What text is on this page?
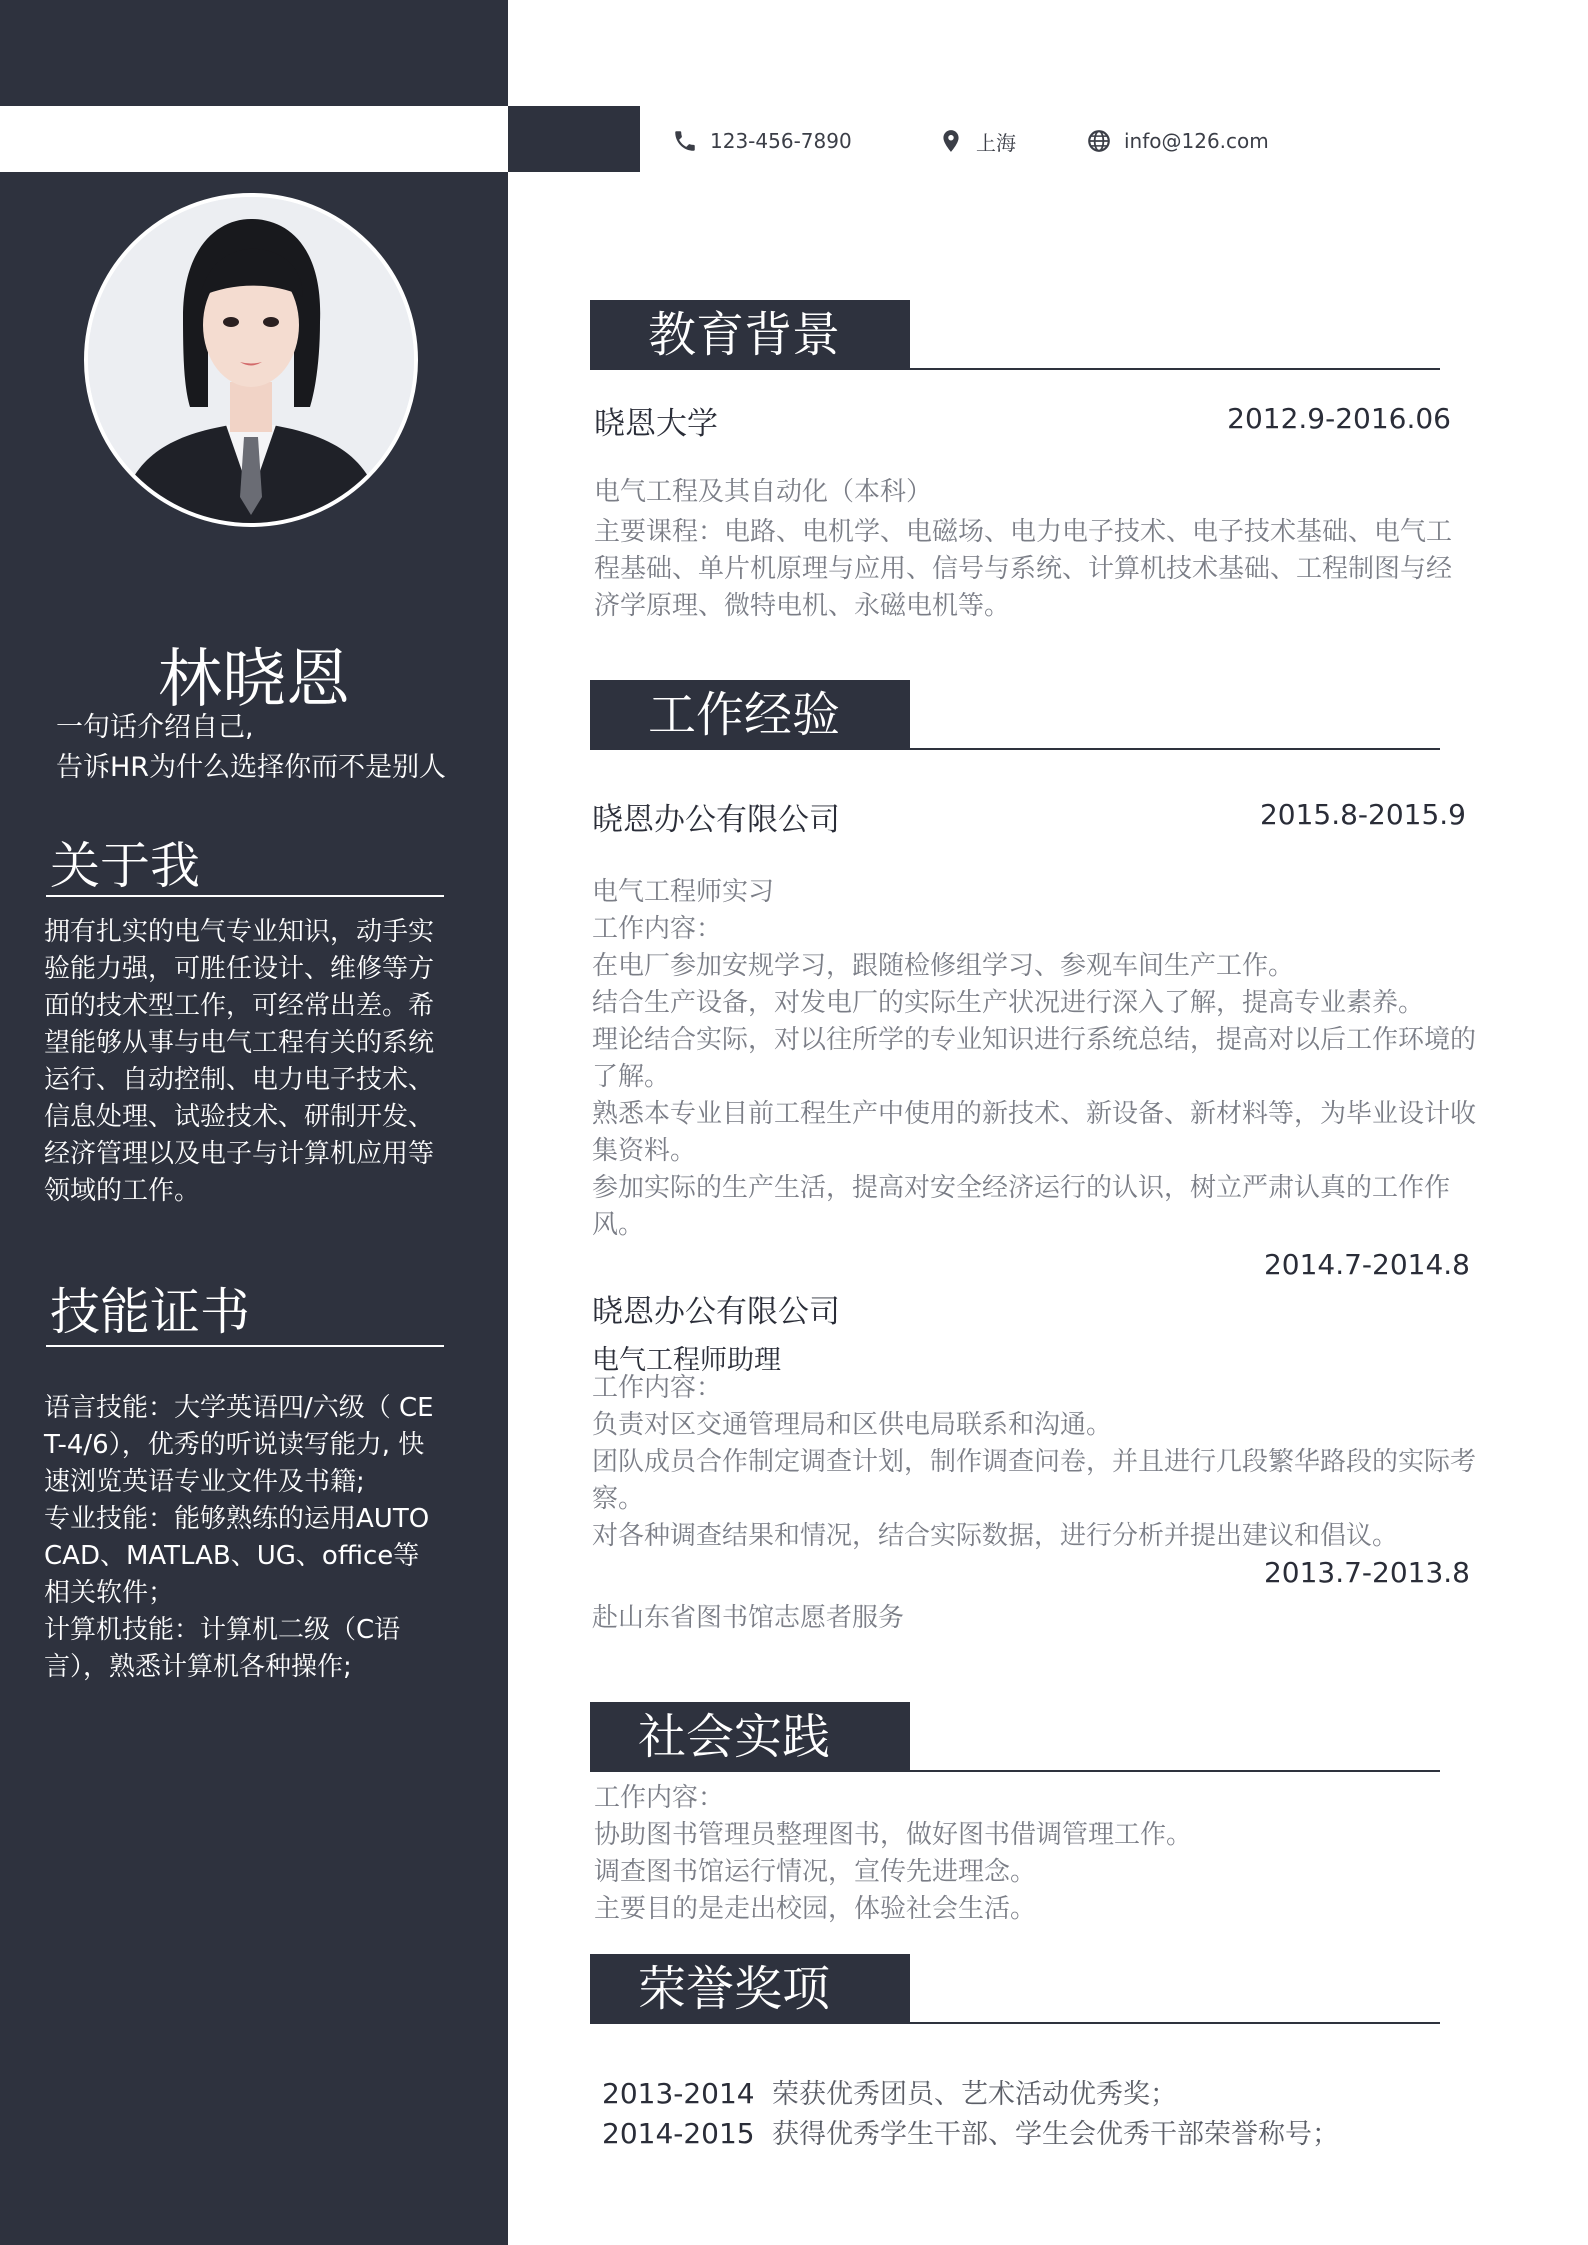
123-456-7890	上海	info@126.com
林晓恩
一句话介绍自己,
告诉HR为什么选择你而不是别人
关于我
拥有扎实的电气专业知识，动手实验能力强，可胜任设计、维修等方面的技术型工作，可经常出差。希望能够从事与电气工程有关的系统运行、自动控制、电力电子技术、信息处理、试验技术、研制开发、经济管理以及电子与计算机应用等领域的工作。
技能证书
语言技能：大学英语四/六级（ CET-4/6），优秀的听说读写能力, 快速浏览英语专业文件及书籍;
专业技能：能够熟练的运用AUTOCAD、MATLAB、UG、office等相关软件；
计算机技能：计算机二级（C语言），熟悉计算机各种操作;
教育背景
晓恩大学	2012.9-2016.06
电气工程及其自动化（本科）
主要课程：电路、电机学、电磁场、电力电子技术、电子技术基础、电气工程基础、单片机原理与应用、信号与系统、计算机技术基础、工程制图与经济学原理、微特电机、永磁电机等。
工作经验
晓恩办公有限公司	2015.8-2015.9
电气工程师实习
工作内容：
在电厂参加安规学习，跟随检修组学习、参观车间生产工作。
结合生产设备，对发电厂的实际生产状况进行深入了解，提高专业素养。
理论结合实际，对以往所学的专业知识进行系统总结，提高对以后工作环境的了解。
熟悉本专业目前工程生产中使用的新技术、新设备、新材料等，为毕业设计收集资料。
参加实际的生产生活，提高对安全经济运行的认识，树立严肃认真的工作作风。
2014.7-2014.8
晓恩办公有限公司
电气工程师助理
工作内容：
负责对区交通管理局和区供电局联系和沟通。
团队成员合作制定调查计划，制作调查问卷，并且进行几段繁华路段的实际考察。
对各种调查结果和情况，结合实际数据，进行分析并提出建议和倡议。
2013.7-2013.8
赴山东省图书馆志愿者服务
社会实践
工作内容：
协助图书管理员整理图书，做好图书借调管理工作。
调查图书馆运行情况，宣传先进理念。
主要目的是走出校园，体验社会生活。
荣誉奖项
2013-2014 荣获优秀团员、艺术活动优秀奖；
2014-2015 获得优秀学生干部、学生会优秀干部荣誉称号；
